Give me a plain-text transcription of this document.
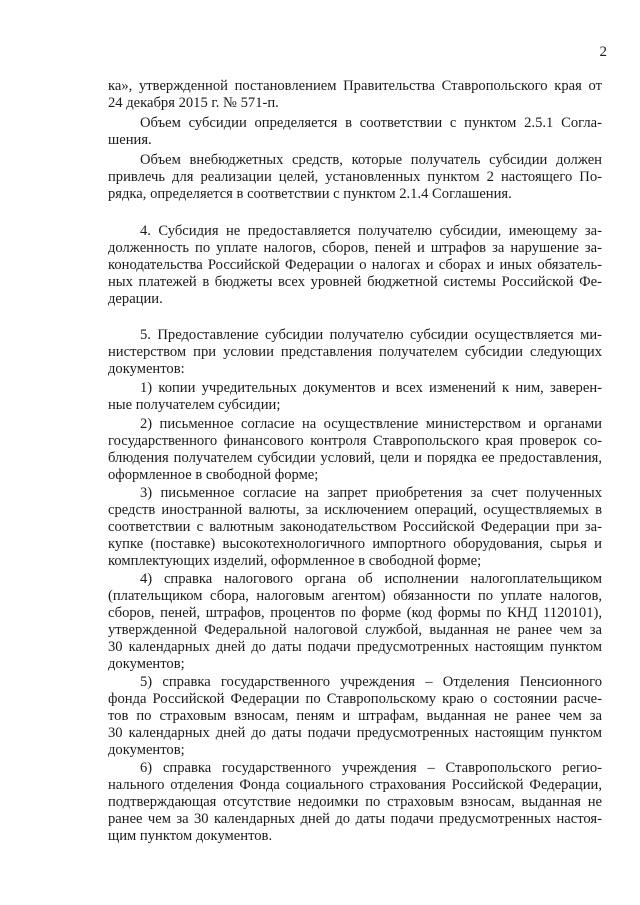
2
ка», утвержденной постановлением Правительства Ставропольского края от
24 декабря 2015 г. № 571-п.
Объем субсидии определяется в соответствии с пунктом 2.5.1 Согла-
шения.
Объем внебюджетных средств, которые получатель субсидии должен
привлечь для реализации целей, установленных пунктом 2 настоящего По-
рядка, определяется в соответствии с пунктом 2.1.4 Соглашения.
4. Субсидия не предоставляется получателю субсидии, имеющему за-
долженность по уплате налогов, сборов, пеней и штрафов за нарушение за-
конодательства Российской Федерации о налогах и сборах и иных обязатель-
ных платежей в бюджеты всех уровней бюджетной системы Российской Фе-
дерации.
5. Предоставление субсидии получателю субсидии осуществляется ми-
нистерством при условии представления получателем субсидии следующих
документов:
1) копии учредительных документов и всех изменений к ним, заверен-
ные получателем субсидии;
2) письменное согласие на осуществление министерством и органами
государственного финансового контроля Ставропольского края проверок со-
блюдения получателем субсидии условий, цели и порядка ее предоставления,
оформленное в свободной форме;
3) письменное согласие на запрет приобретения за счет полученных
средств иностранной валюты, за исключением операций, осуществляемых в
соответствии с валютным законодательством Российской Федерации при за-
купке (поставке) высокотехнологичного импортного оборудования, сырья и
комплектующих изделий, оформленное в свободной форме;
4) справка налогового органа об исполнении налогоплательщиком
(плательщиком сбора, налоговым агентом) обязанности по уплате налогов,
сборов, пеней, штрафов, процентов по форме (код формы по КНД 1120101),
утвержденной Федеральной налоговой службой, выданная не ранее чем за
30 календарных дней до даты подачи предусмотренных настоящим пунктом
документов;
5) справка государственного учреждения – Отделения Пенсионного
фонда Российской Федерации по Ставропольскому краю о состоянии расче-
тов по страховым взносам, пеням и штрафам, выданная не ранее чем за
30 календарных дней до даты подачи предусмотренных настоящим пунктом
документов;
6) справка государственного учреждения – Ставропольского регио-
нального отделения Фонда социального страхования Российской Федерации,
подтверждающая отсутствие недоимки по страховым взносам, выданная не
ранее чем за 30 календарных дней до даты подачи предусмотренных настоя-
щим пунктом документов.
